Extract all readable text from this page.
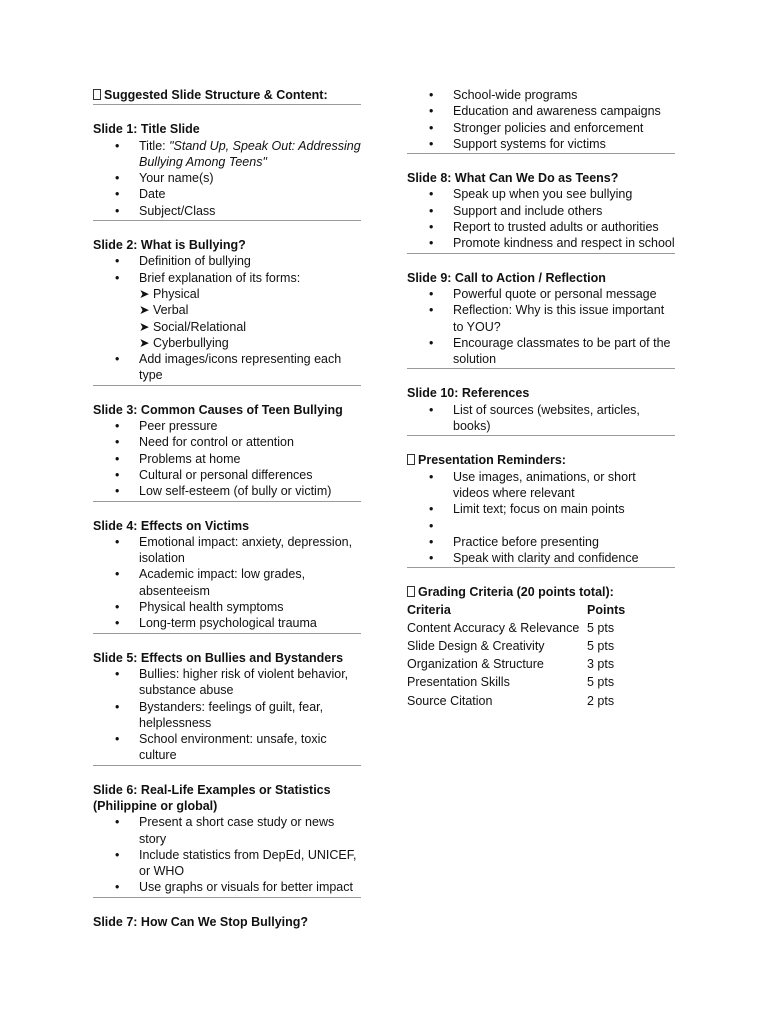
Suggested Slide Structure & Content:
Slide 1: Title Slide
• Title: "Stand Up, Speak Out: Addressing Bullying Among Teens"
• Your name(s)
• Date
• Subject/Class
Slide 2: What is Bullying?
• Definition of bullying
• Brief explanation of its forms:
➤ Physical
➤ Verbal
➤ Social/Relational
➤ Cyberbullying
• Add images/icons representing each type
Slide 3: Common Causes of Teen Bullying
• Peer pressure
• Need for control or attention
• Problems at home
• Cultural or personal differences
• Low self-esteem (of bully or victim)
Slide 4: Effects on Victims
• Emotional impact: anxiety, depression, isolation
• Academic impact: low grades, absenteeism
• Physical health symptoms
• Long-term psychological trauma
Slide 5: Effects on Bullies and Bystanders
• Bullies: higher risk of violent behavior, substance abuse
• Bystanders: feelings of guilt, fear, helplessness
• School environment: unsafe, toxic culture
Slide 6: Real-Life Examples or Statistics (Philippine or global)
• Present a short case study or news story
• Include statistics from DepEd, UNICEF, or WHO
• Use graphs or visuals for better impact
Slide 7: How Can We Stop Bullying?
• School-wide programs
• Education and awareness campaigns
• Stronger policies and enforcement
• Support systems for victims
Slide 8: What Can We Do as Teens?
• Speak up when you see bullying
• Support and include others
• Report to trusted adults or authorities
• Promote kindness and respect in school
Slide 9: Call to Action / Reflection
• Powerful quote or personal message
• Reflection: Why is this issue important to YOU?
• Encourage classmates to be part of the solution
Slide 10: References
• List of sources (websites, articles, books)
Presentation Reminders:
• Use images, animations, or short videos where relevant
• Limit text; focus on main points
•
• Practice before presenting
• Speak with clarity and confidence
Grading Criteria (20 points total):
Criteria	Points
Content Accuracy & Relevance 5 pts
Slide Design & Creativity	5 pts
Organization & Structure	3 pts
Presentation Skills	5 pts
Source Citation	2 pts
